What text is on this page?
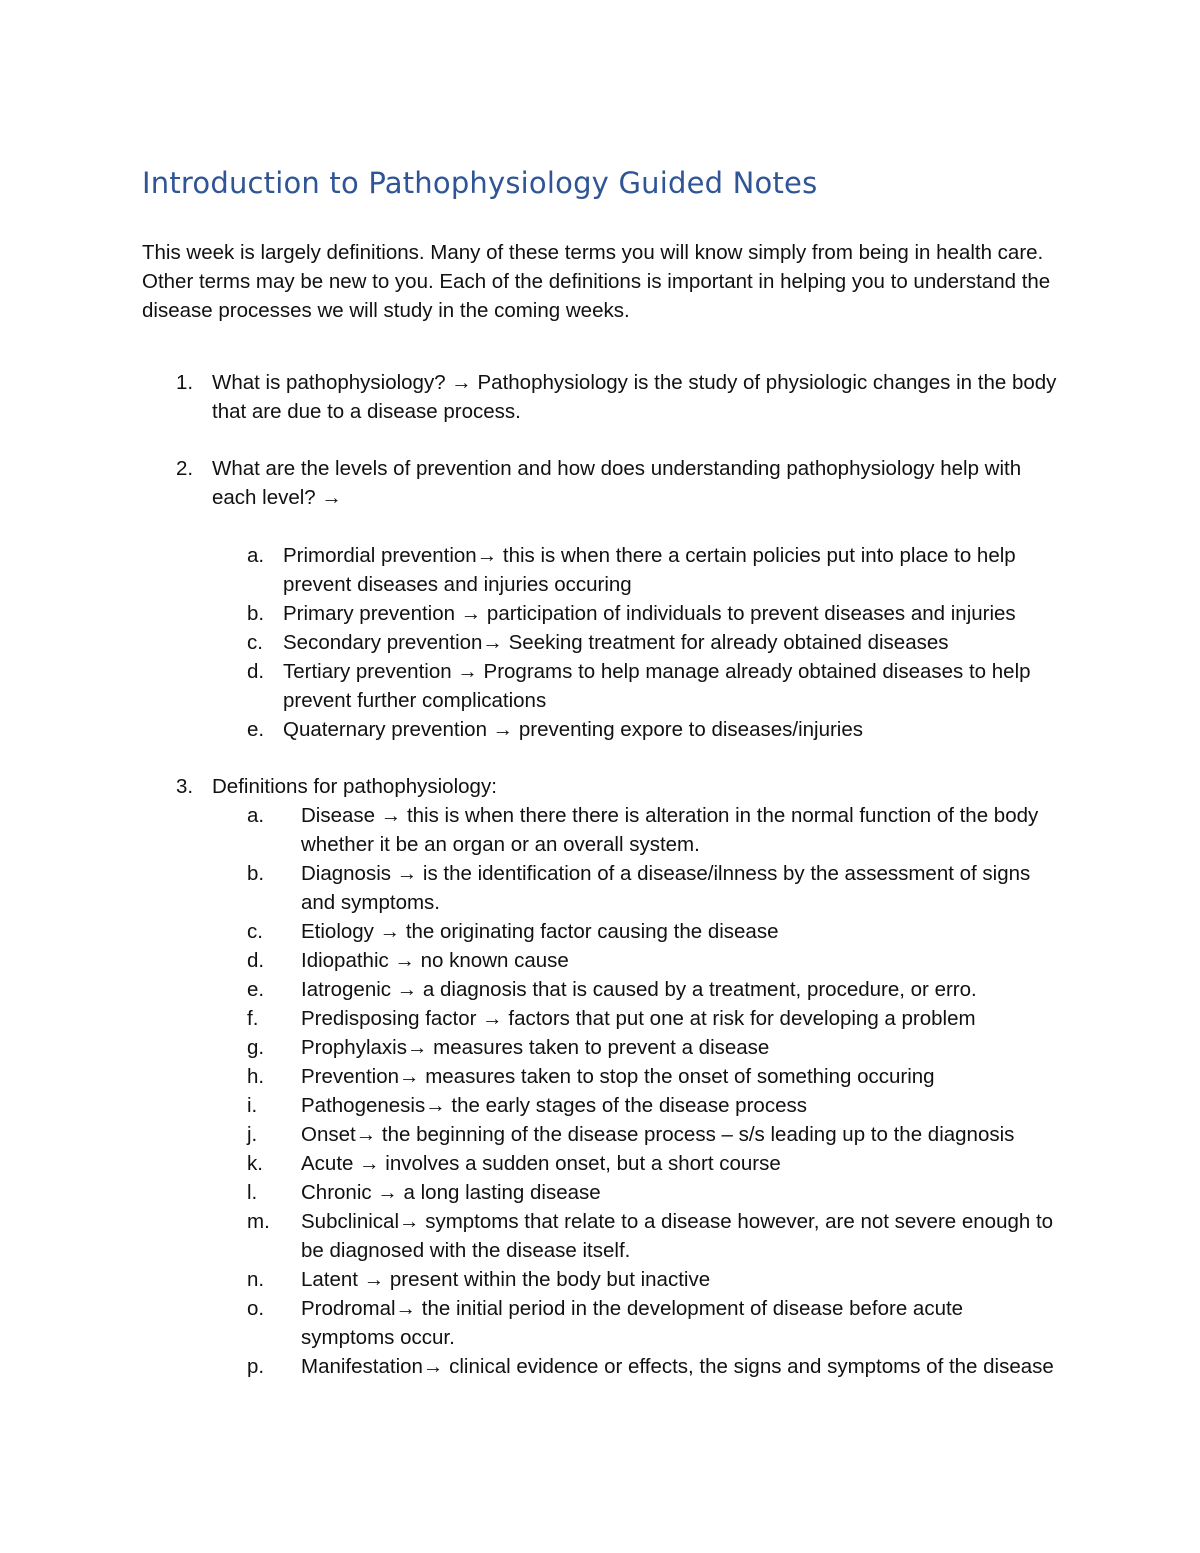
Introduction to Pathophysiology Guided Notes

This week is largely definitions. Many of these terms you will know simply from being in health care. Other terms may be new to you. Each of the definitions is important in helping you to understand the disease processes we will study in the coming weeks.

1. What is pathophysiology? → Pathophysiology is the study of physiologic changes in the body that are due to a disease process.
2. What are the levels of prevention and how does understanding pathophysiology help with each level? →
a. Primordial prevention→ this is when there a certain policies put into place to help prevent diseases and injuries occuring
b. Primary prevention → participation of individuals to prevent diseases and injuries
c. Secondary prevention→ Seeking treatment for already obtained diseases
d. Tertiary prevention → Programs to help manage already obtained diseases to help prevent further complications
e. Quaternary prevention → preventing expore to diseases/injuries
3. Definitions for pathophysiology:
a. Disease → this is when there there is alteration in the normal function of the body whether it be an organ or an overall system.
b. Diagnosis → is the identification of a disease/ilnness by the assessment of signs and symptoms.
c. Etiology → the originating factor causing the disease
d. Idiopathic → no known cause
e. Iatrogenic → a diagnosis that is caused by a treatment, procedure, or erro.
f. Predisposing factor → factors that put one at risk for developing a problem
g. Prophylaxis→ measures taken to prevent a disease
h. Prevention→ measures taken to stop the onset of something occuring
i. Pathogenesis→ the early stages of the disease process
j. Onset→ the beginning of the disease process – s/s leading up to the diagnosis
k. Acute → involves a sudden onset, but a short course
l. Chronic → a long lasting disease
m. Subclinical→ symptoms that relate to a disease however, are not severe enough to be diagnosed with the disease itself.
n. Latent → present within the body but inactive
o. Prodromal→ the initial period in the development of disease before acute symptoms occur.
p. Manifestation→ clinical evidence or effects, the signs and symptoms of the disease
